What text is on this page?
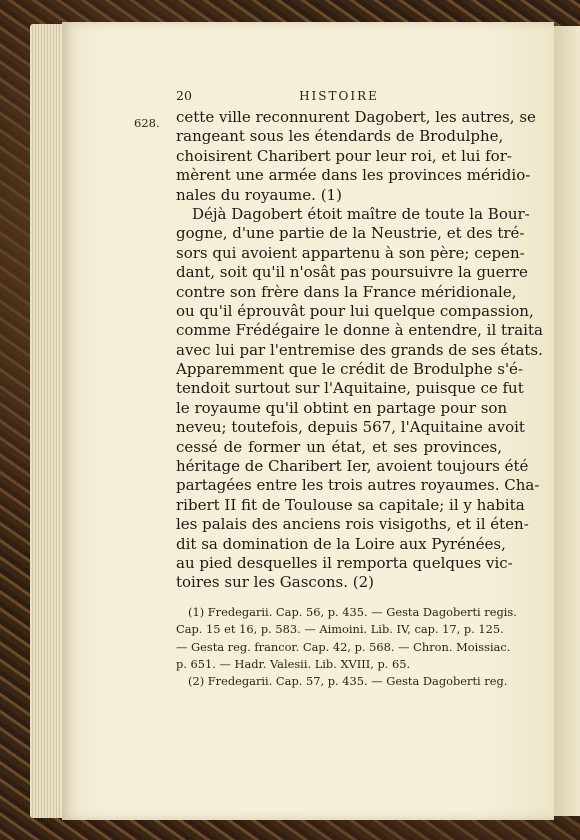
20	HISTOIRE
628. cette ville reconnurent Dagobert, les autres, se
rangeant sous les étendards de Brodulphe,
choisirent Charibert pour leur roi, et lui for-
mèrent une armée dans les provinces méridio-
nales du royaume. (1)
Déjà Dagobert étoit maître de toute la Bour-
gogne, d'une partie de la Neustrie, et des tré-
sors qui avoient appartenu à son père; cepen-
dant, soit qu'il n'osât pas poursuivre la guerre
contre son frère dans la France méridionale,
ou qu'il éprouvât pour lui quelque compassion,
comme Frédégaire le donne à entendre, il traita
avec lui par l'entremise des grands de ses états.
Apparemment que le crédit de Brodulphe s'é-
tendoit surtout sur l'Aquitaine, puisque ce fut
le royaume qu'il obtint en partage pour son
neveu; toutefois, depuis 567, l'Aquitaine avoit
cessé de former un état, et ses provinces,
héritage de Charibert Ier, avoient toujours été
partagées entre les trois autres royaumes. Cha-
ribert II fit de Toulouse sa capitale; il y habita
les palais des anciens rois visigoths, et il éten-
dit sa domination de la Loire aux Pyrénées,
au pied desquelles il remporta quelques vic-
toires sur les Gascons. (2)
(1) Fredegarii. Cap. 56, p. 435. — Gesta Dagoberti regis.
Cap. 15 et 16, p. 583. — Aimoini. Lib. IV, cap. 17, p. 125.
— Gesta reg. francor. Cap. 42, p. 568. — Chron. Moissiac.
p. 651. — Hadr. Valesii. Lib. XVIII, p. 65.
(2) Fredegarii. Cap. 57, p. 435. — Gesta Dagoberti reg.
